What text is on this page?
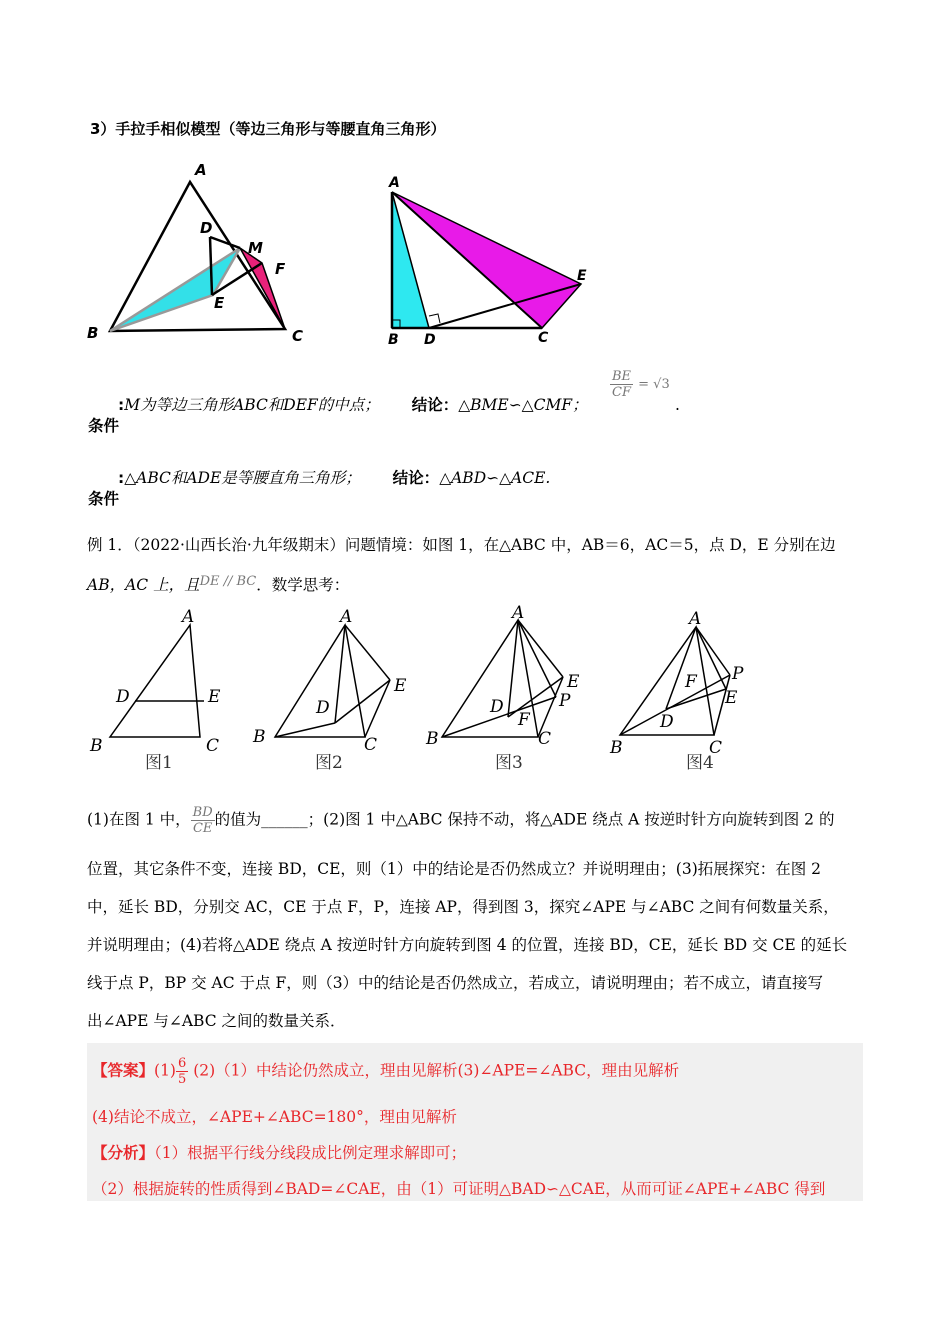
3）手拉手相似模型（等边三角形与等腰直角三角形）
A
D
M
F
E
B	C
A
E
B D	C
:M为等边三角形ABC和DEF的中点； 结论：△BME∽△CMF；
$\frac{BE}{CF} = √3$
.
条件
:△ABC和ADE是等腰直角三角形； 结论：△ABD∽△ACE.
条件
例 1．（2022·山西长治·九年级期末）问题情境：如图 1，在△ABC 中，AB＝6，AC＝5，点 D，E 分别在边
AB，AC 上，且$^{DE // BC}$．数学思考：
A
D	E
B	C
图1
A
E
D
B	C
图2
A
E
P
D
F
B	C
图3
A
P
F
E
D
B	C
图4
(1)在图 1 中， $\frac{BD}{CE}$ 的值为______；(2)图 1 中△ABC 保持不动，将△ADE 绕点 A 按逆时针方向旋转到图 2 的
位置，其它条件不变，连接 BD，CE，则（1）中的结论是否仍然成立？并说明理由；(3)拓展探究：在图 2
中，延长 BD，分别交 AC，CE 于点 F，P，连接 AP，得到图 3，探究∠APE 与∠ABC 之间有何数量关系，
并说明理由；(4)若将△ADE 绕点 A 按逆时针方向旋转到图 4 的位置，连接 BD，CE，延长 BD 交 CE 的延长
线于点 P，BP 交 AC 于点 F，则（3）中的结论是否仍然成立，若成立，请说明理由；若不成立，请直接写
出∠APE 与∠ABC 之间的数量关系．
【答案】$(1) \frac{6}{5} (2)(1)$中结论仍然成立，理由见解析(3)∠APE=∠ABC，理由见解析
(4)结论不成立，∠APE+∠ABC=180°，理由见解析
【分析】（1）根据平行线分线段成比例定理求解即可；
（2）根据旋转的性质得到∠BAD=∠CAE，由（1）可证明△BAD∽△CAE，从而可证∠APE+∠ABC 得到
